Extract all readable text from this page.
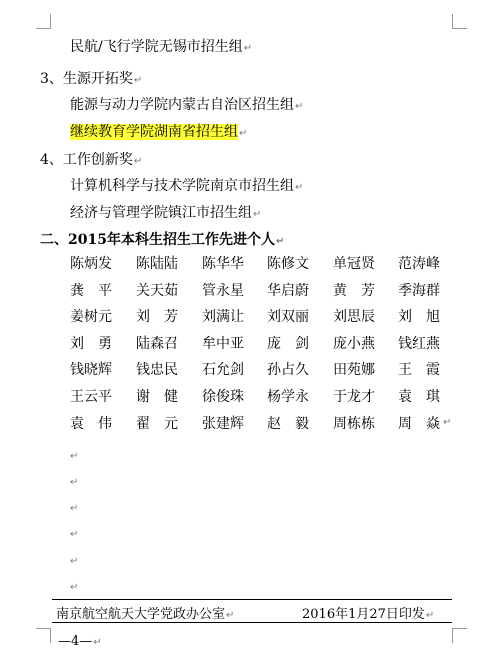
民航/飞行学院无锡市招生组↵
3、生源开拓奖↵
能源与动力学院内蒙古自治区招生组↵
继续教育学院湖南省招生组↵
4、工作创新奖↵
计算机科学与技术学院南京市招生组↵
经济与管理学院镇江市招生组↵
二、2015年本科生招生工作先进个人↵
陈炳发 陈陆陆 陈华华 陈修文 单冠贤 范涛峰
龚　平 关天茹 管永星 华启蔚 黄　芳 季海群
姜树元 刘　芳 刘满让 刘双丽 刘思辰 刘　旭
刘　勇 陆森召 牟中亚 庞　剑 庞小燕 钱红燕
钱晓辉 钱忠民 石允剑 孙占久 田苑娜 王　霞
王云平 谢　健 徐俊珠 杨学永 于龙才 袁　琪
袁　伟 翟　元 张建辉 赵　毅 周栋栋 周　焱 ↵
↵
↵
↵
↵
↵
↵
南京航空航天大学党政办公室↵	2016年1月27日印发↵
—4—↵
